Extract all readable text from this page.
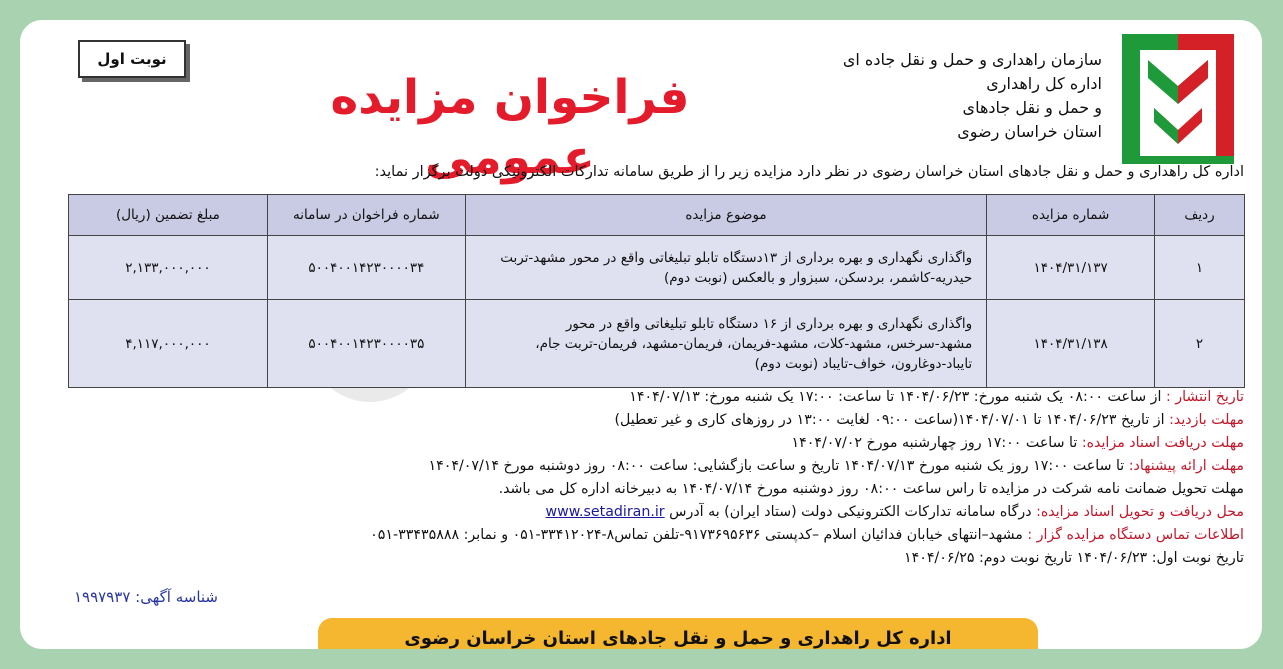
نوبت اول
فراخوان مزایده عمومی
سازمان راهداری و حمل و نقل جاده ای
اداره کل راهداری
و حمل و نقل جادهای
استان خراسان رضوی
اداره کل راهداری و حمل و نقل جادهای استان خراسان رضوی در نظر دارد مزایده زیر را از طریق سامانه تدارکات الکترونیکی دولت برگزار نماید:
ردیف	شماره مزایده	موضوع مزایده	شماره فراخوان در سامانه	مبلغ تضمین (ریال)
۱	۱۴۰۴/۳۱/۱۳۷	واگذاری نگهداری و بهره برداری از ۱۳دستگاه تابلو تبلیغاتی واقع در محور مشهد-تربت
حیدریه-کاشمر، بردسکن، سبزوار و بالعکس (نوبت دوم)	۵۰۰۴۰۰۱۴۲۳۰۰۰۰۳۴	۲,۱۳۳,۰۰۰,۰۰۰
۲	۱۴۰۴/۳۱/۱۳۸	واگذاری نگهداری و بهره برداری از ۱۶ دستگاه تابلو تبلیغاتی واقع در محور
مشهد-سرخس، مشهد-کلات، مشهد-فریمان، فریمان-مشهد، فریمان-تربت جام،
تایباد-دوغارون، خواف-تایباد (نوبت دوم)	۵۰۰۴۰۰۱۴۲۳۰۰۰۰۳۵	۴,۱۱۷,۰۰۰,۰۰۰
تاریخ انتشار : از ساعت ۰۸:۰۰ یک شنبه مورخ: ۱۴۰۴/۰۶/۲۳ تا ساعت: ۱۷:۰۰ یک شنبه مورخ: ۱۴۰۴/۰۷/۱۳
مهلت بازدید: از تاریخ ۱۴۰۴/۰۶/۲۳ تا ۱۴۰۴/۰۷/۰۱(ساعت ۰۹:۰۰ لغایت ۱۳:۰۰ در روزهای کاری و غیر تعطیل)
مهلت دریافت اسناد مزایده: تا ساعت ۱۷:۰۰ روز چهارشنبه مورخ ۱۴۰۴/۰۷/۰۲
مهلت ارائه پیشنهاد: تا ساعت ۱۷:۰۰ روز یک شنبه مورخ ۱۴۰۴/۰۷/۱۳ تاریخ و ساعت بازگشایی: ساعت ۰۸:۰۰ روز دوشنبه مورخ ۱۴۰۴/۰۷/۱۴
مهلت تحویل ضمانت نامه شرکت در مزایده تا راس ساعت ۰۸:۰۰ روز دوشنبه مورخ ۱۴۰۴/۰۷/۱۴ به دبیرخانه اداره کل می باشد.
محل دریافت و تحویل اسناد مزایده: درگاه سامانه تدارکات الکترونیکی دولت (ستاد ایران) به آدرس www.setadiran.ir
اطلاعات تماس دستگاه مزایده گزار : مشهد–انتهای خیابان فدائیان اسلام –کدپستی ۹۱۷۳۶۹۵۶۳۶-تلفن تماس۸-۳۳۴۱۲۰۲۴-۰۵۱ و نمابر: ۳۳۴۳۵۸۸۸-۰۵۱
تاریخ نوبت اول: ۱۴۰۴/۰۶/۲۳ تاریخ نوبت دوم: ۱۴۰۴/۰۶/۲۵
شناسه آگهی: ۱۹۹۷۹۳۷
اداره کل راهداری و حمل و نقل جادهای استان خراسان رضوی
